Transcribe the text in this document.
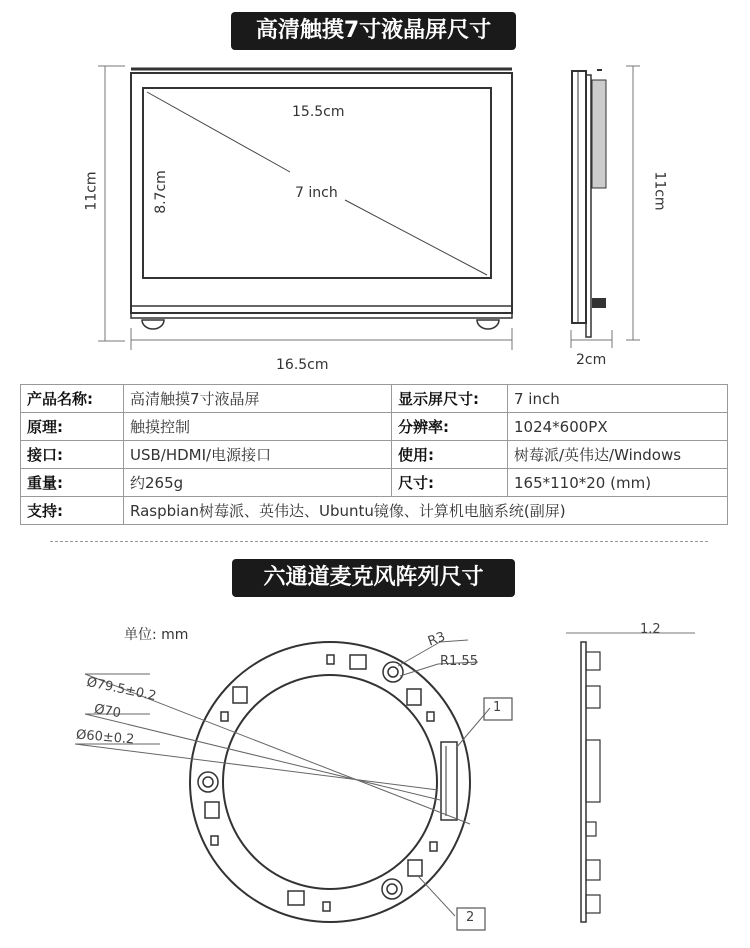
高清触摸7寸液晶屏尺寸
15.5cm
8.7cm	7 inch
11cm
16.5cm
11cm
2cm
产品名称:	高清触摸7寸液晶屏	显示屏尺寸:	7 inch
原理:	触摸控制	分辨率:	1024*600PX
接口:	USB/HDMI/电源接口	使用:	树莓派/英伟达/Windows
重量:	约265g	尺寸:	165*110*20 (mm)
支持:	Raspbian树莓派、英伟达、Ubuntu镜像、计算机电脑系统(副屏)		
六通道麦克风阵列尺寸
单位: mm	R3
R1.55
Ø79.5±0.2
Ø70
Ø60±0.2
1
2
1.2
